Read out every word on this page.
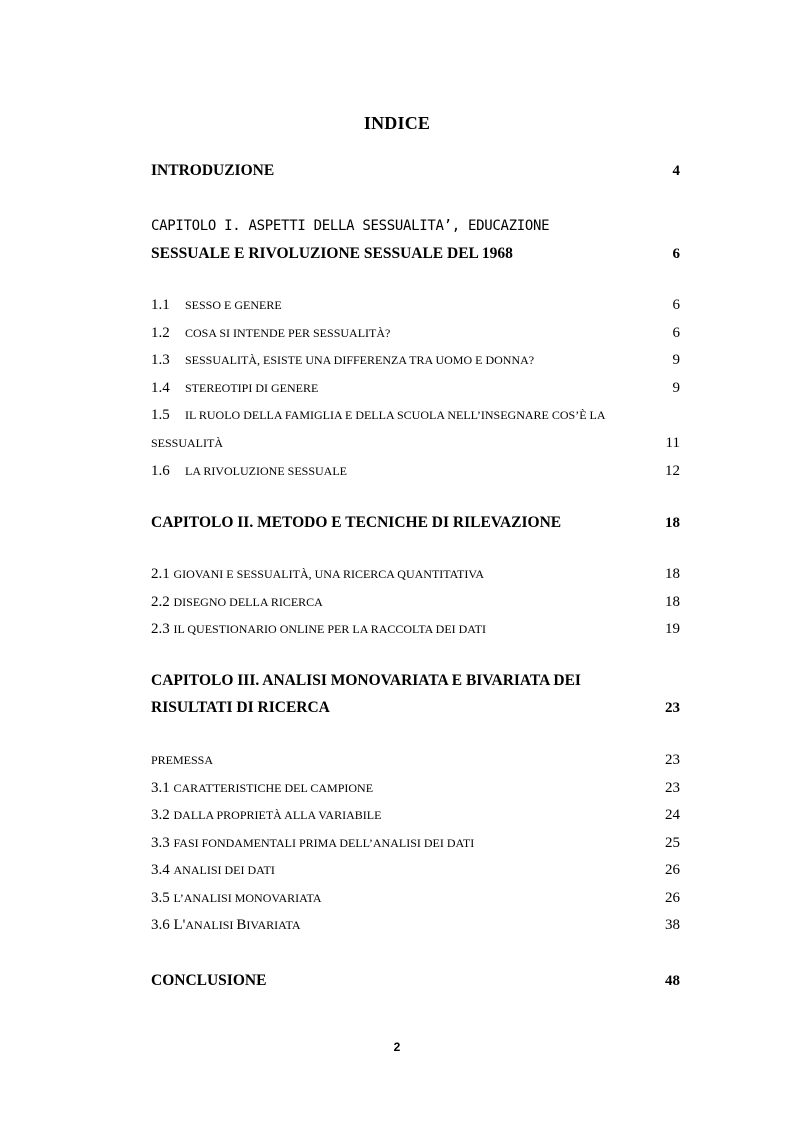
INDICE
INTRODUZIONE	4
CAPITOLO I. ASPETTI DELLA SESSUALITA’, EDUCAZIONE
SESSUALE E RIVOLUZIONE SESSUALE DEL 1968	6
1.1 SESSO E GENERE	6
1.2 COSA SI INTENDE PER SESSUALITÀ?	6
1.3 SESSUALITÀ, ESISTE UNA DIFFERENZA TRA UOMO E DONNA?	9
1.4 STEREOTIPI DI GENERE	9
1.5 IL RUOLO DELLA FAMIGLIA E DELLA SCUOLA NELL’INSEGNARE COS’È LA
SESSUALITÀ	11
1.6 LA RIVOLUZIONE SESSUALE	12
CAPITOLO II. METODO E TECNICHE DI RILEVAZIONE	18
2.1 GIOVANI E SESSUALITÀ, UNA RICERCA QUANTITATIVA	18
2.2 DISEGNO DELLA RICERCA	18
2.3 IL QUESTIONARIO ONLINE PER LA RACCOLTA DEI DATI	19
CAPITOLO III. ANALISI MONOVARIATA E BIVARIATA DEI
RISULTATI DI RICERCA	23
PREMESSA	23
3.1 CARATTERISTICHE DEL CAMPIONE	23
3.2 DALLA PROPRIETÀ ALLA VARIABILE	24
3.3 FASI FONDAMENTALI PRIMA DELL’ANALISI DEI DATI	25
3.4 ANALISI DEI DATI	26
3.5 L’ANALISI MONOVARIATA	26
3.6 L'ANALISI BIVARIATA	38
CONCLUSIONE	48
2
